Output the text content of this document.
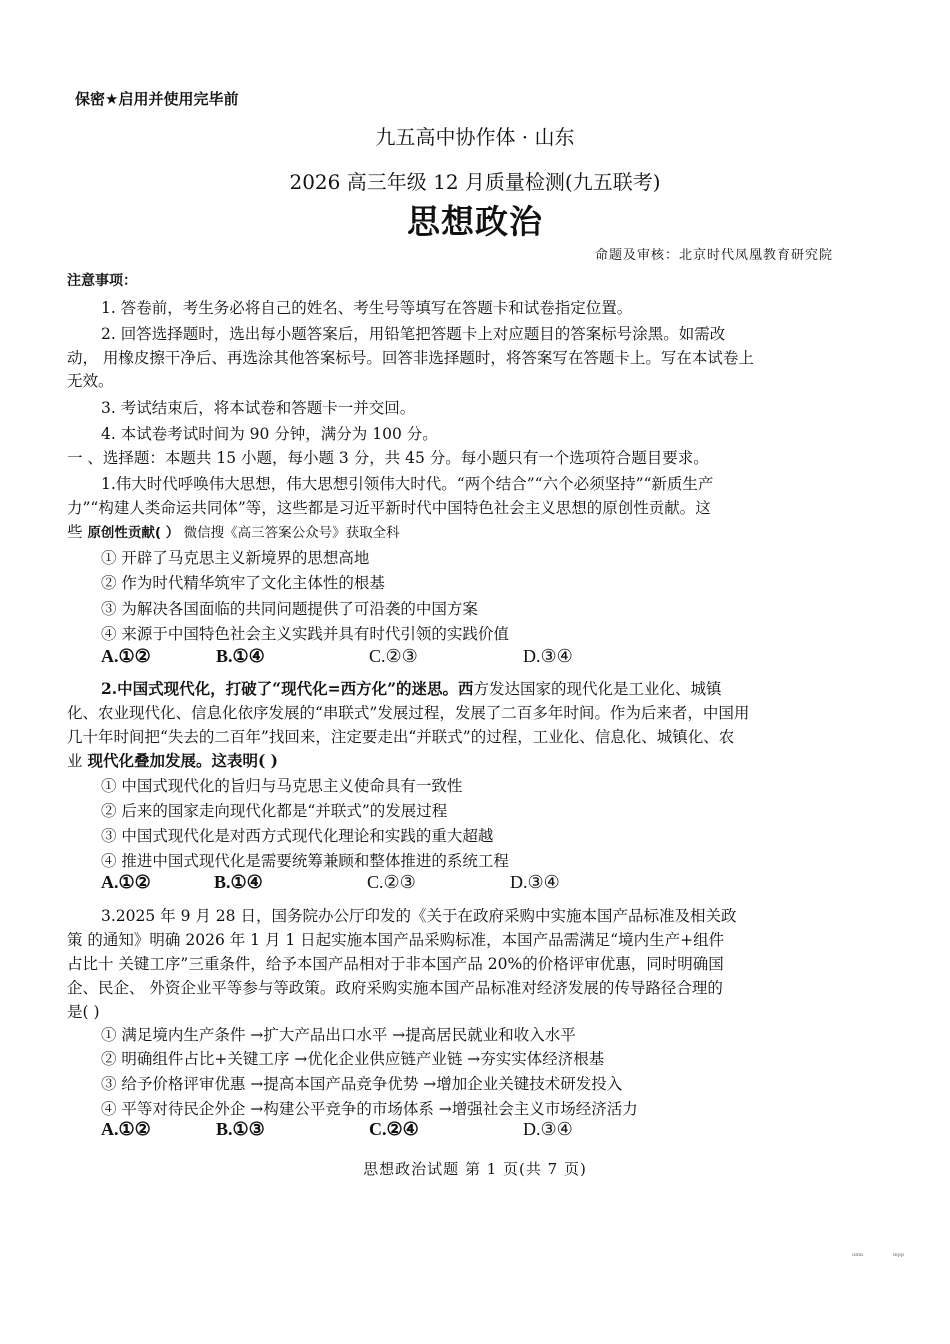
保密★启用并使用完毕前
九五高中协作体 · 山东
2026 高三年级 12 月质量检测(九五联考)
思想政治
命题及审核：北京时代凤凰教育研究院
注意事项：
1. 答卷前，考生务必将自己的姓名、考生号等填写在答题卡和试卷指定位置。
2. 回答选择题时，选出每小题答案后，用铅笔把答题卡上对应题目的答案标号涂黑。如需改
动， 用橡皮擦干净后、再选涂其他答案标号。回答非选择题时，将答案写在答题卡上。写在本试卷上
无效。
3. 考试结束后，将本试卷和答题卡一并交回。
4. 本试卷考试时间为 90 分钟，满分为 100 分。
一 、选择题：本题共 15 小题，每小题 3 分，共 45 分。每小题只有一个选项符合题目要求。
1.伟大时代呼唤伟大思想，伟大思想引领伟大时代。“两个结合”“六个必须坚持”“新质生产
力”“构建人类命运共同体”等，这些都是习近平新时代中国特色社会主义思想的原创性贡献。这
些 原创性贡献( ） 微信搜《高三答案公众号》获取全科
① 开辟了马克思主义新境界的思想高地
② 作为时代精华筑牢了文化主体性的根基
③ 为解决各国面临的共同问题提供了可沿袭的中国方案
④ 来源于中国特色社会主义实践并具有时代引领的实践价值
A.①②	B.①④	C.②③	D.③④
2.中国式现代化，打破了“现代化=西方化”的迷思。西方发达国家的现代化是工业化、城镇
化、农业现代化、信息化依序发展的“串联式”发展过程，发展了二百多年时间。作为后来者，中国用
几十年时间把“失去的二百年”找回来，注定要走出“并联式”的过程，工业化、信息化、城镇化、农
业 现代化叠加发展。这表明( )
① 中国式现代化的旨归与马克思主义使命具有一致性
② 后来的国家走向现代化都是“并联式”的发展过程
③ 中国式现代化是对西方式现代化理论和实践的重大超越
④ 推进中国式现代化是需要统筹兼顾和整体推进的系统工程
A.①②	B.①④	C.②③	D.③④
3.2025 年 9 月 28 日，国务院办公厅印发的《关于在政府采购中实施本国产品标准及相关政
策 的通知》明确 2026 年 1 月 1 日起实施本国产品采购标准，本国产品需满足“境内生产+组件
占比十 关键工序”三重条件，给予本国产品相对于非本国产品 20%的价格评审优惠，同时明确国
企、民企、 外资企业平等参与等政策。政府采购实施本国产品标准对经济发展的传导路径合理的
是( )
① 满足境内生产条件 →扩大产品出口水平 →提高居民就业和收入水平
② 明确组件占比+关键工序 →优化企业供应链产业链 →夯实实体经济根基
③ 给予价格评审优惠 →提高本国产品竞争优势 →增加企业关键技术研发投入
④ 平等对待民企外企 →构建公平竞争的市场体系 →增强社会主义市场经济活力
A.①②	B.①③	C.②④	D.③④
思想政治试题 第 1 页(共 7 页)
umn	mpp
